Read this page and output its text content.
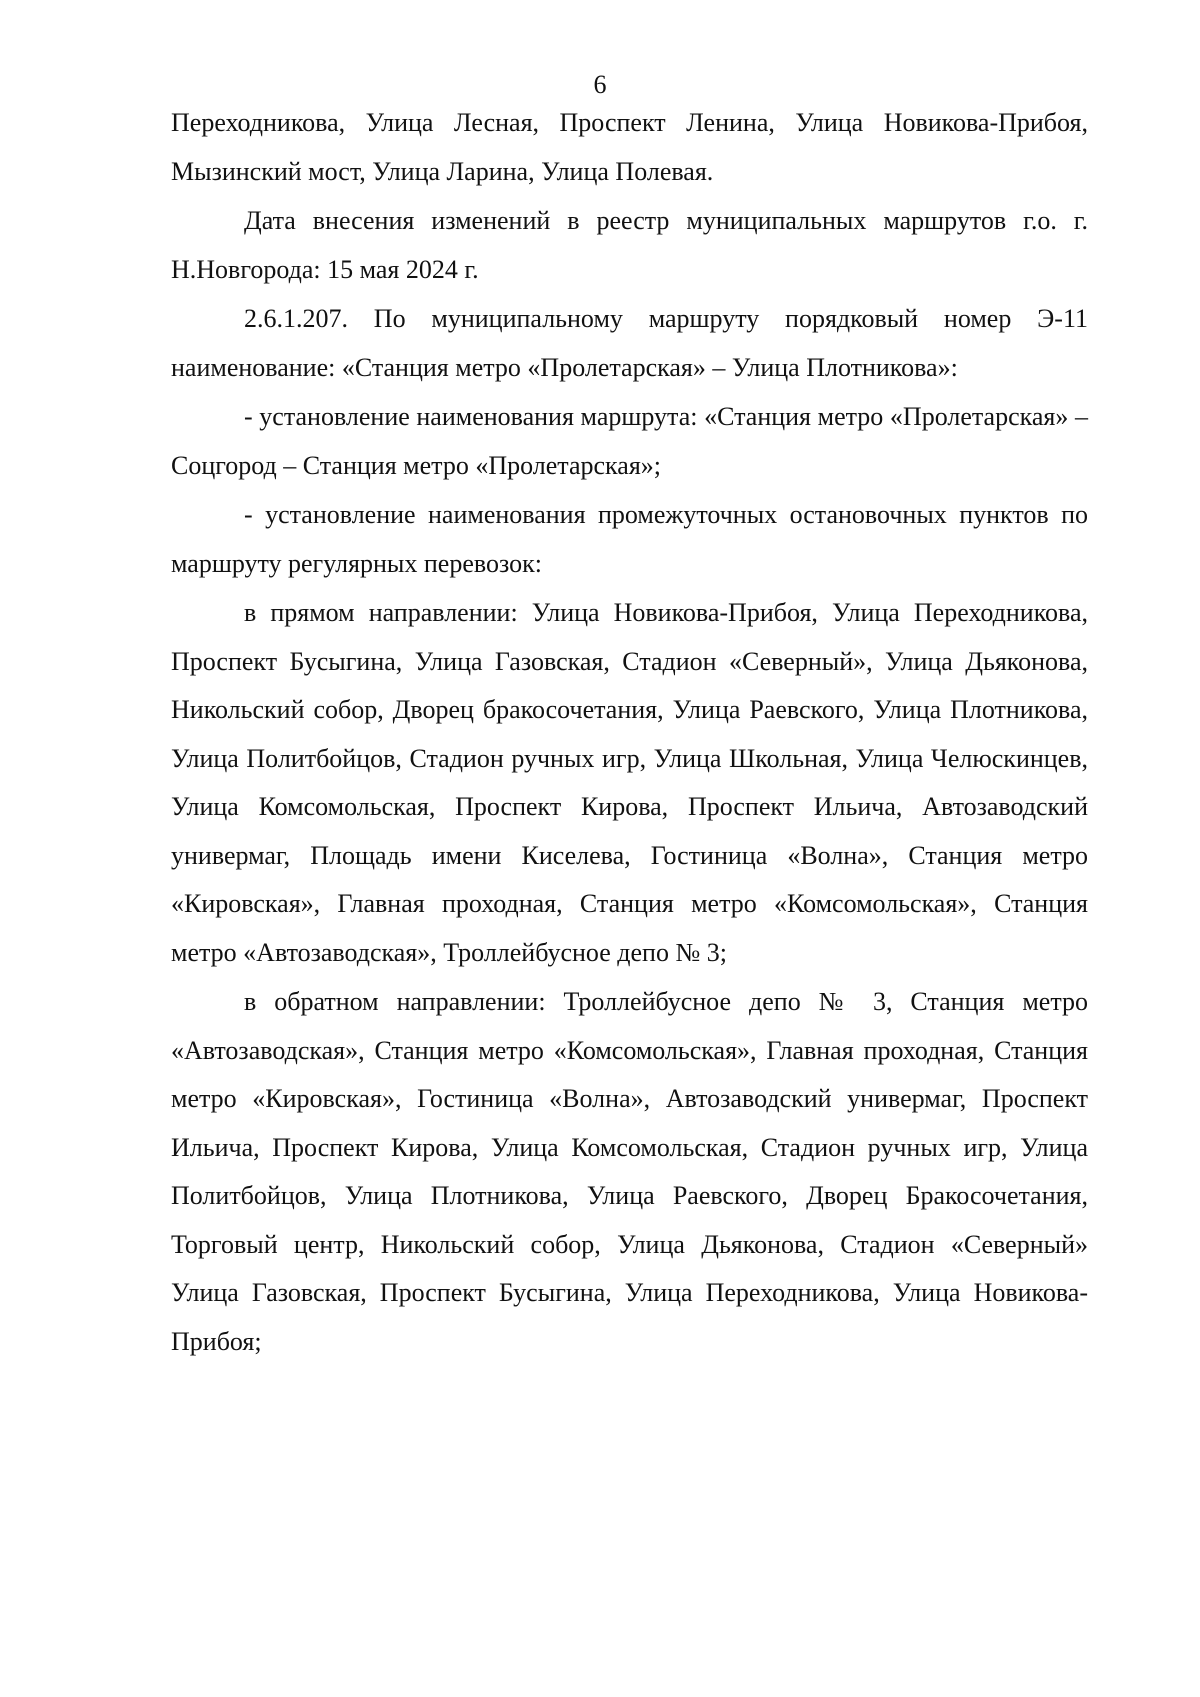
6

Переходникова, Улица Лесная, Проспект Ленина, Улица Новикова-Прибоя, Мызинский мост, Улица Ларина, Улица Полевая.

Дата внесения изменений в реестр муниципальных маршрутов г.о. г. Н.Новгорода: 15 мая 2024 г.

2.6.1.207. По муниципальному маршруту порядковый номер Э-11 наименование: «Станция метро «Пролетарская» – Улица Плотникова»:

- установление наименования маршрута: «Станция метро «Пролетарская» – Соцгород – Станция метро «Пролетарская»;

- установление наименования промежуточных остановочных пунктов по маршруту регулярных перевозок:

в прямом направлении: Улица Новикова-Прибоя, Улица Переходникова, Проспект Бусыгина, Улица Газовская, Стадион «Северный», Улица Дьяконова, Никольский собор, Дворец бракосочетания, Улица Раевского, Улица Плотникова, Улица Политбойцов, Стадион ручных игр, Улица Школьная, Улица Челюскинцев, Улица Комсомольская, Проспект Кирова, Проспект Ильича, Автозаводский универмаг, Площадь имени Киселева, Гостиница «Волна», Станция метро «Кировская», Главная проходная, Станция метро «Комсомольская», Станция метро «Автозаводская», Троллейбусное депо № 3;

в обратном направлении: Троллейбусное депо № 3, Станция метро «Автозаводская», Станция метро «Комсомольская», Главная проходная, Станция метро «Кировская», Гостиница «Волна», Автозаводский универмаг, Проспект Ильича, Проспект Кирова, Улица Комсомольская, Стадион ручных игр, Улица Политбойцов, Улица Плотникова, Улица Раевского, Дворец Бракосочетания, Торговый центр, Никольский собор, Улица Дьяконова, Стадион «Северный» Улица Газовская, Проспект Бусыгина, Улица Переходникова, Улица Новикова-Прибоя;
